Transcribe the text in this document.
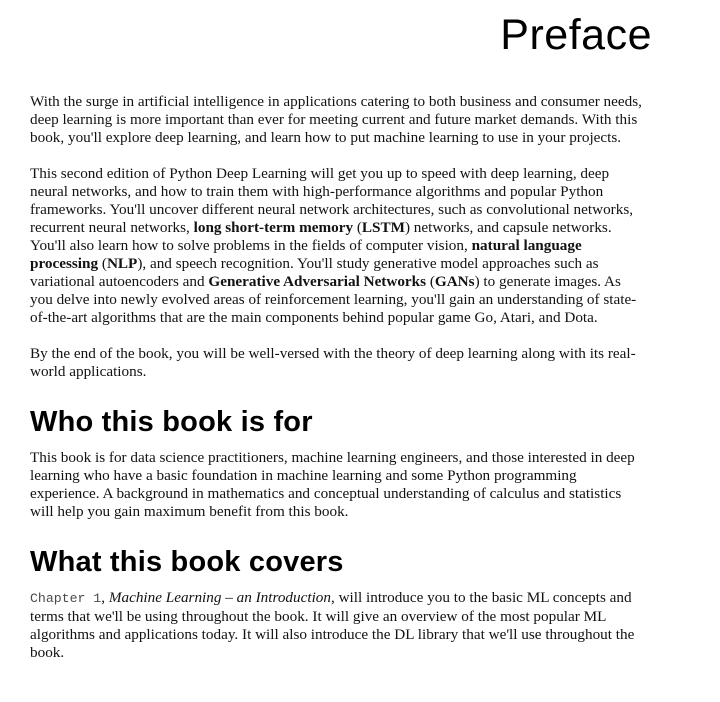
Preface

With the surge in artificial intelligence in applications catering to both business and consumer needs, deep learning is more important than ever for meeting current and future market demands. With this book, you'll explore deep learning, and learn how to put machine learning to use in your projects.

This second edition of Python Deep Learning will get you up to speed with deep learning, deep neural networks, and how to train them with high-performance algorithms and popular Python frameworks. You'll uncover different neural network architectures, such as convolutional networks, recurrent neural networks, long short-term memory (LSTM) networks, and capsule networks. You'll also learn how to solve problems in the fields of computer vision, natural language processing (NLP), and speech recognition. You'll study generative model approaches such as variational autoencoders and Generative Adversarial Networks (GANs) to generate images. As you delve into newly evolved areas of reinforcement learning, you'll gain an understanding of state-of-the-art algorithms that are the main components behind popular game Go, Atari, and Dota.

By the end of the book, you will be well-versed with the theory of deep learning along with its real-world applications.

Who this book is for

This book is for data science practitioners, machine learning engineers, and those interested in deep learning who have a basic foundation in machine learning and some Python programming experience. A background in mathematics and conceptual understanding of calculus and statistics will help you gain maximum benefit from this book.

What this book covers

Chapter 1, Machine Learning – an Introduction, will introduce you to the basic ML concepts and terms that we'll be using throughout the book. It will give an overview of the most popular ML algorithms and applications today. It will also introduce the DL library that we'll use throughout the book.
